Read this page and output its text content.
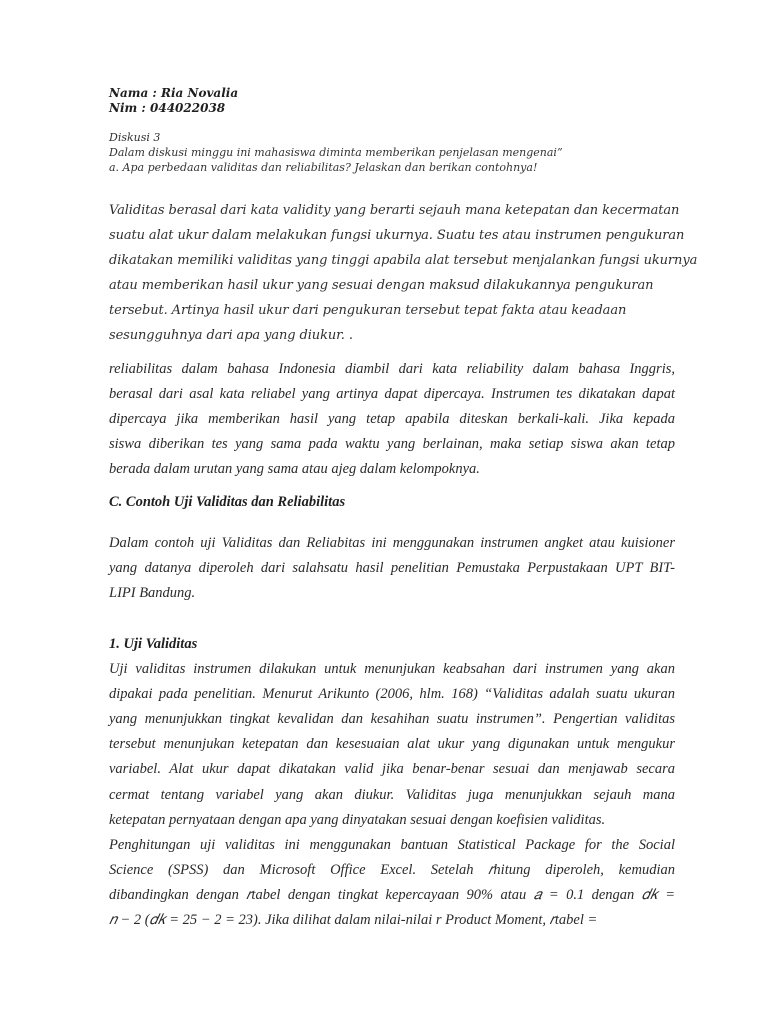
Nama : Ria Novalia

Nim : 044022038

Diskusi 3

Dalam diskusi minggu ini mahasiswa diminta memberikan penjelasan mengenai”

a. Apa perbedaan validitas dan reliabilitas? Jelaskan dan berikan contohnya!

Validitas berasal dari kata validity yang berarti sejauh mana ketepatan dan kecermatan

suatu alat ukur dalam melakukan fungsi ukurnya. Suatu tes atau instrumen pengukuran

dikatakan memiliki validitas yang tinggi apabila alat tersebut menjalankan fungsi ukurnya

atau memberikan hasil ukur yang sesuai dengan maksud dilakukannya pengukuran

tersebut. Artinya hasil ukur dari pengukuran tersebut tepat fakta atau keadaan

sesungguhnya dari apa yang diukur. .

reliabilitas dalam bahasa Indonesia diambil dari kata reliability dalam bahasa Inggris,

berasal dari asal kata reliabel yang artinya dapat dipercaya. Instrumen tes dikatakan dapat

dipercaya jika memberikan hasil yang tetap apabila diteskan berkali-kali. Jika kepada

siswa diberikan tes yang sama pada waktu yang berlainan, maka setiap siswa akan tetap

berada dalam urutan yang sama atau ajeg dalam kelompoknya.

C. Contoh Uji Validitas dan Reliabilitas

Dalam contoh uji Validitas dan Reliabitas ini menggunakan instrumen angket atau kuisioner

yang datanya diperoleh dari salahsatu hasil penelitian Pemustaka Perpustakaan UPT BIT-

LIPI Bandung.

1. Uji Validitas

Uji validitas instrumen dilakukan untuk menunjukan keabsahan dari instrumen yang akan

dipakai pada penelitian. Menurut Arikunto (2006, hlm. 168) “Validitas adalah suatu ukuran

yang menunjukkan tingkat kevalidan dan kesahihan suatu instrumen”. Pengertian validitas

tersebut menunjukan ketepatan dan kesesuaian alat ukur yang digunakan untuk mengukur

variabel. Alat ukur dapat dikatakan valid jika benar-benar sesuai dan menjawab secara

cermat tentang variabel yang akan diukur. Validitas juga menunjukkan sejauh mana

ketepatan pernyataan dengan apa yang dinyatakan sesuai dengan koefisien validitas.

Penghitungan uji validitas ini menggunakan bantuan Statistical Package for the Social

Science (SPSS) dan Microsoft Office Excel. Setelah 𝑟hitung diperoleh, kemudian

dibandingkan dengan 𝑟tabel dengan tingkat kepercayaan 90% atau 𝑎 = 0.1 dengan 𝑑𝑘 =

𝑛 − 2 (𝑑𝑘 = 25 − 2 = 23). Jika dilihat dalam nilai-nilai r Product Moment, 𝑟tabel =
